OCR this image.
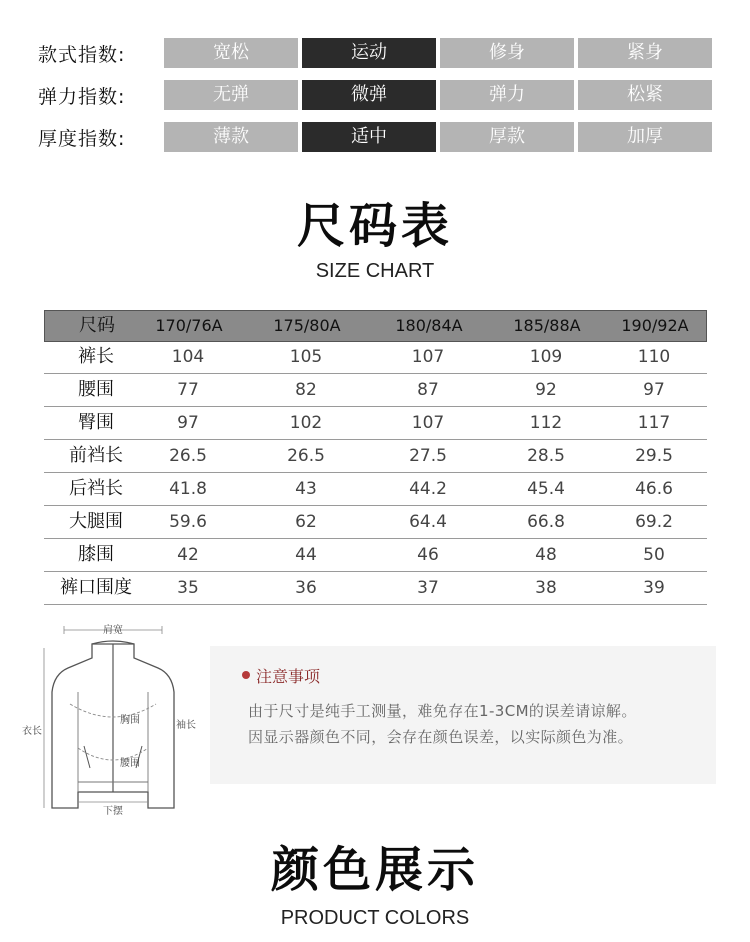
款式指数:	宽松	运动	修身	紧身
弹力指数:	无弹	微弹	弹力	松紧
厚度指数:	薄款	适中	厚款	加厚
尺码表
SIZE CHART
尺码	170/76A	175/80A	180/84A	185/88A	190/92A
裤长	104	105	107	109	110
腰围	77	82	87	92	97
臀围	97	102	107	112	117
前裆长	26.5	26.5	27.5	28.5	29.5
后裆长	41.8	43	44.2	45.4	46.6
大腿围	59.6	62	64.4	66.8	69.2
膝围	42	44	46	48	50
裤口围度	35	36	37	38	39
肩宽
胸围
腰围
衣长
袖长
下摆
注意事项
由于尺寸是纯手工测量，难免存在1-3CM的误差请谅解。
因显示器颜色不同，会存在颜色误差，以实际颜色为准。
颜色展示
PRODUCT COLORS
